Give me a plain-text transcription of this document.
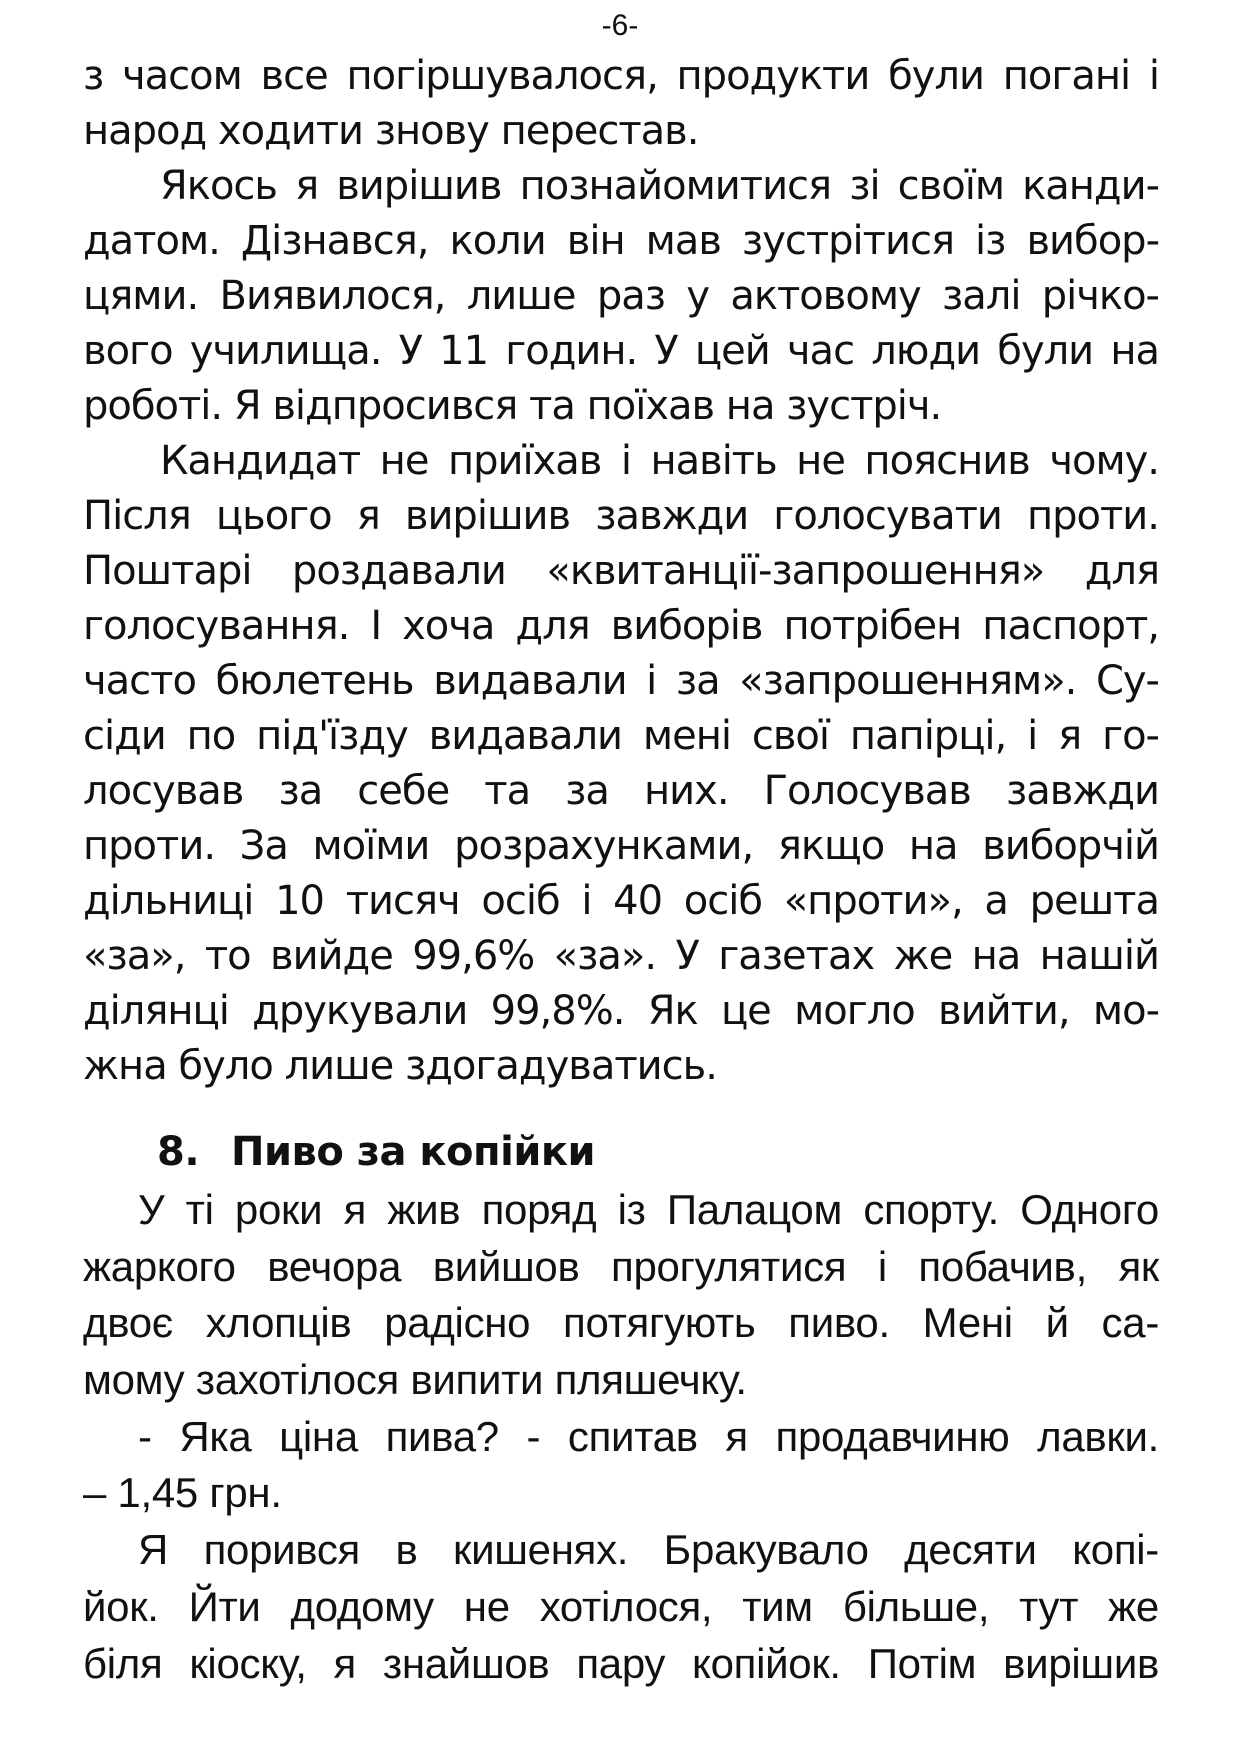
-6-
з часом все погіршувалося, продукти були погані і
народ ходити знову перестав.
Якось я вирішив познайомитися зі своїм канди-
датом. Дізнався, коли він мав зустрітися із вибор-
цями. Виявилося, лише раз у актовому залі річко-
вого училища. У 11 годин. У цей час люди були на
роботі. Я відпросився та поїхав на зустріч.
Кандидат не приїхав і навіть не пояснив чому.
Після цього я вирішив завжди голосувати проти.
Поштарі роздавали «квитанції-запрошення» для
голосування. І хоча для виборів потрібен паспорт,
часто бюлетень видавали і за «запрошенням». Су-
сіди по під'їзду видавали мені свої папірці, і я го-
лосував за себе та за них. Голосував завжди
проти. За моїми розрахунками, якщо на виборчій
дільниці 10 тисяч осіб і 40 осіб «проти», а решта
«за», то вийде 99,6% «за». У газетах же на нашій
ділянці друкували 99,8%. Як це могло вийти, мо-
жна було лише здогадуватись.
8. Пиво за копійки
У ті роки я жив поряд із Палацом спорту. Одного
жаркого вечора вийшов прогулятися і побачив, як
двоє хлопців радісно потягують пиво. Мені й са-
мому захотілося випити пляшечку.
- Яка ціна пива? - спитав я продавчиню лавки.
– 1,45 грн.
Я порився в кишенях. Бракувало десяти копі-
йок. Йти додому не хотілося, тим більше, тут же
біля кіоску, я знайшов пару копійок. Потім вирішив
